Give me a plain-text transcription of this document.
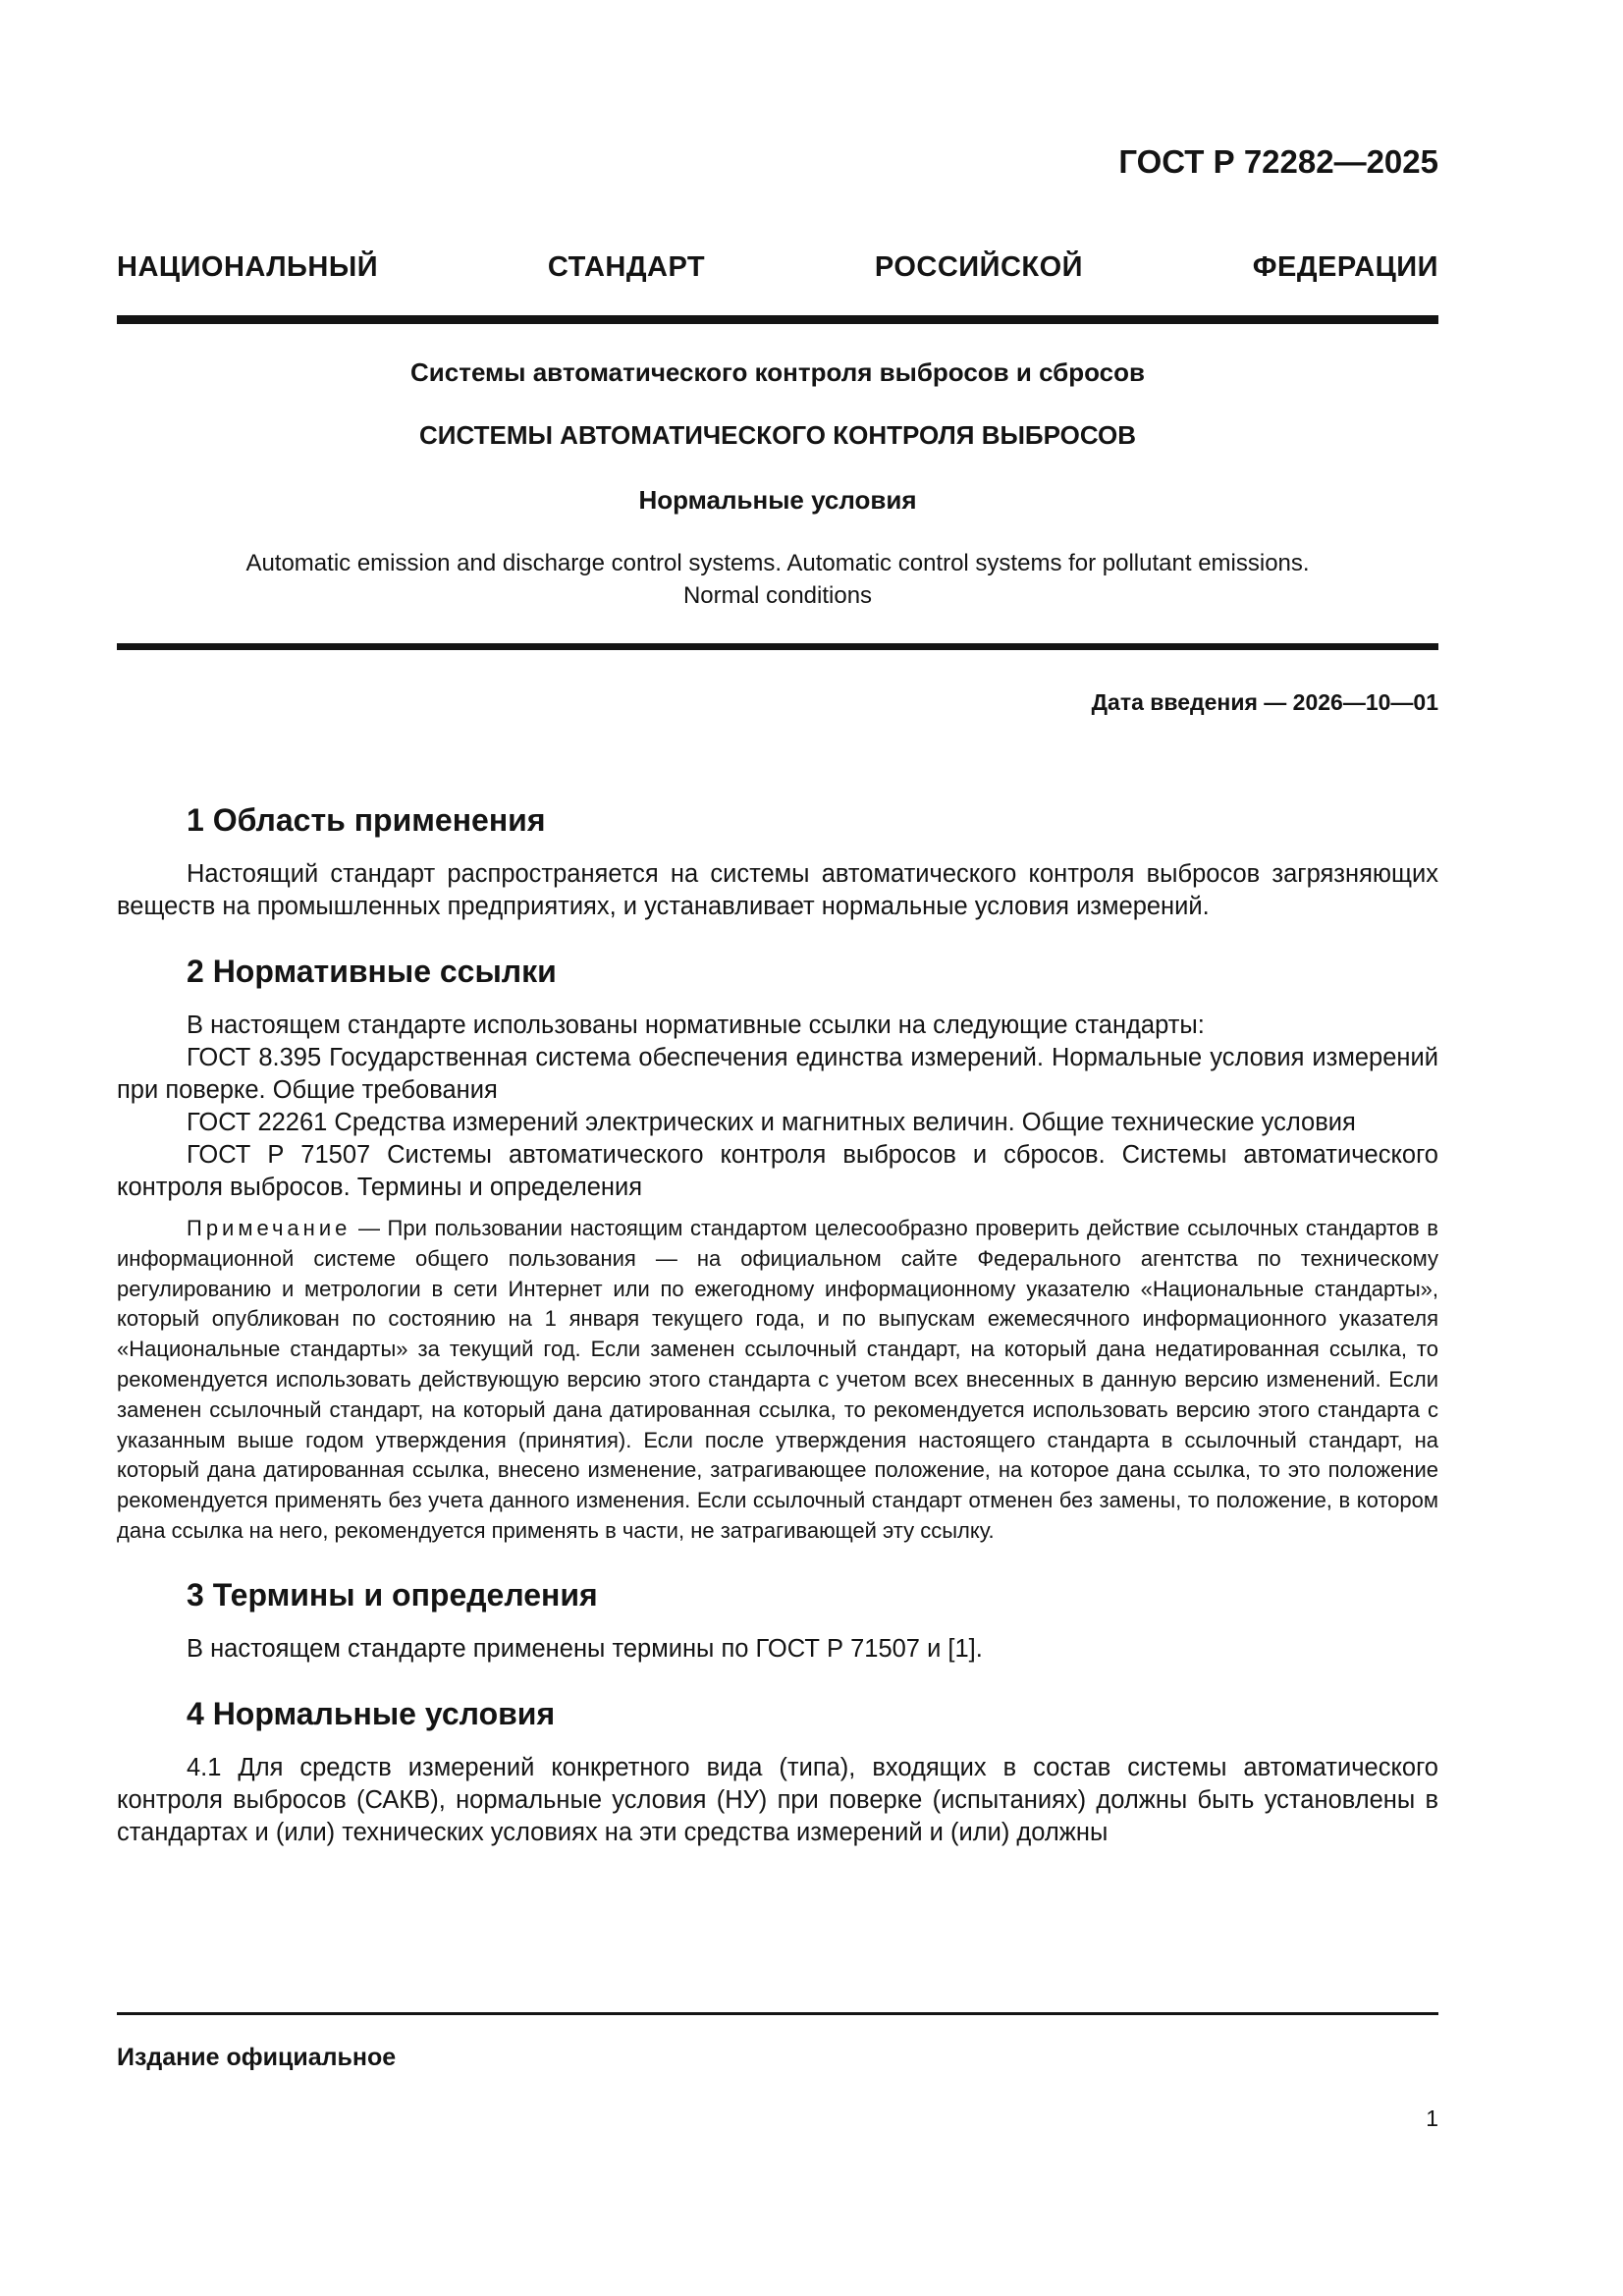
ГОСТ Р 72282—2025
НАЦИОНАЛЬНЫЙ СТАНДАРТ РОССИЙСКОЙ ФЕДЕРАЦИИ
Системы автоматического контроля выбросов и сбросов
СИСТЕМЫ АВТОМАТИЧЕСКОГО КОНТРОЛЯ ВЫБРОСОВ
Нормальные условия
Automatic emission and discharge control systems. Automatic control systems for pollutant emissions.
Normal conditions
Дата введения — 2026—10—01
1 Область применения

Настоящий стандарт распространяется на системы автоматического контроля выбросов загрязняющих веществ на промышленных предприятиях, и устанавливает нормальные условия измерений.

2 Нормативные ссылки

В настоящем стандарте использованы нормативные ссылки на следующие стандарты:

ГОСТ 8.395 Государственная система обеспечения единства измерений. Нормальные условия измерений при поверке. Общие требования

ГОСТ 22261 Средства измерений электрических и магнитных величин. Общие технические условия

ГОСТ Р 71507 Системы автоматического контроля выбросов и сбросов. Системы автоматического контроля выбросов. Термины и определения

Примечание — При пользовании настоящим стандартом целесообразно проверить действие ссылочных стандартов в информационной системе общего пользования — на официальном сайте Федерального агентства по техническому регулированию и метрологии в сети Интернет или по ежегодному информационному указателю «Национальные стандарты», который опубликован по состоянию на 1 января текущего года, и по выпускам ежемесячного информационного указателя «Национальные стандарты» за текущий год. Если заменен ссылочный стандарт, на который дана недатированная ссылка, то рекомендуется использовать действующую версию этого стандарта с учетом всех внесенных в данную версию изменений. Если заменен ссылочный стандарт, на который дана датированная ссылка, то рекомендуется использовать версию этого стандарта с указанным выше годом утверждения (принятия). Если после утверждения настоящего стандарта в ссылочный стандарт, на который дана датированная ссылка, внесено изменение, затрагивающее положение, на которое дана ссылка, то это положение рекомендуется применять без учета данного изменения. Если ссылочный стандарт отменен без замены, то положение, в котором дана ссылка на него, рекомендуется применять в части, не затрагивающей эту ссылку.

3 Термины и определения

В настоящем стандарте применены термины по ГОСТ Р 71507 и [1].

4 Нормальные условия

4.1 Для средств измерений конкретного вида (типа), входящих в состав системы автоматического контроля выбросов (САКВ), нормальные условия (НУ) при поверке (испытаниях) должны быть установлены в стандартах и (или) технических условиях на эти средства измерений и (или) должны

Издание официальное
1
